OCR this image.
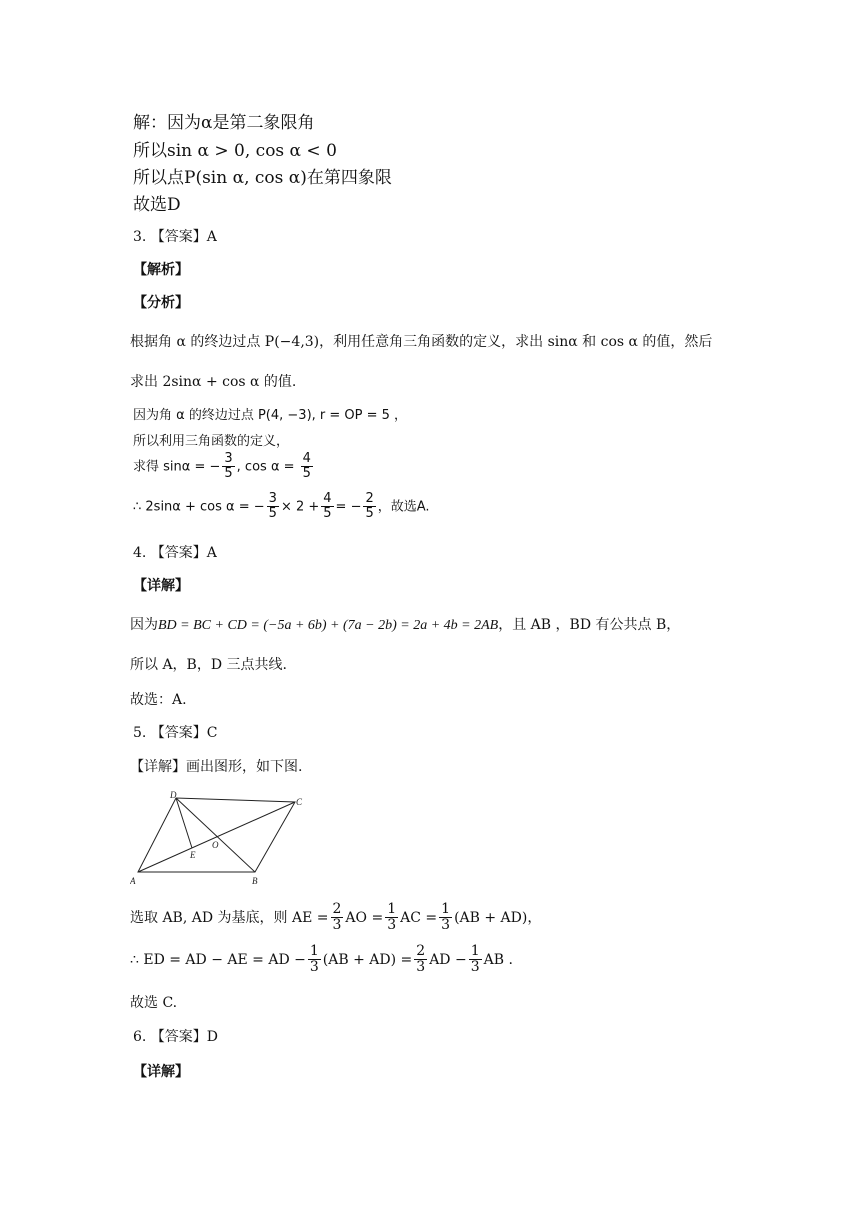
解：因为α是第二象限角
所以sin α > 0, cos α < 0
所以点P(sin α, cos α)在第四象限
故选D
3. 【答案】A
【解析】
【分析】
根据角 α 的终边过点 P(−4,3)，利用任意角三角函数的定义，求出 sinα 和 cos α 的值，然后
求出 2sinα + cos α 的值.
因为角 α 的终边过点 P(4, −3), r = OP = 5 ，
所以利用三角函数的定义，
求得 sinα = − $\frac{3}{5}$ , $\cos \alpha = \frac{4}{5}$
∴ 2sinα + cos α = − $\frac{3}{5} \times 2 + \frac{4}{5}$ = − $\frac{2}{5}$ ，故选A.
4. 【答案】A
【详解】
因为BD = BC + CD = (−5a + 6b) + (7a − 2b) = 2a + 4b = 2AB，且 AB ，BD 有公共点 B，
所以 A，B，D 三点共线.
故选：A.
5. 【答案】C
【详解】画出图形，如下图.
A	B
C
D
E
O
选取 AB, AD 为基底，则 AE = $\frac{2}{3}$ AO = $\frac{1}{3}$ AC = $\frac{1}{3} (AB + AD)$，
∴ ED = AD − AE = AD − $\frac{1}{3} (AB + AD) = \frac{2}{3}$ AD − $\frac{1}{3}$ AB .
故选 C.
6. 【答案】D
【详解】
